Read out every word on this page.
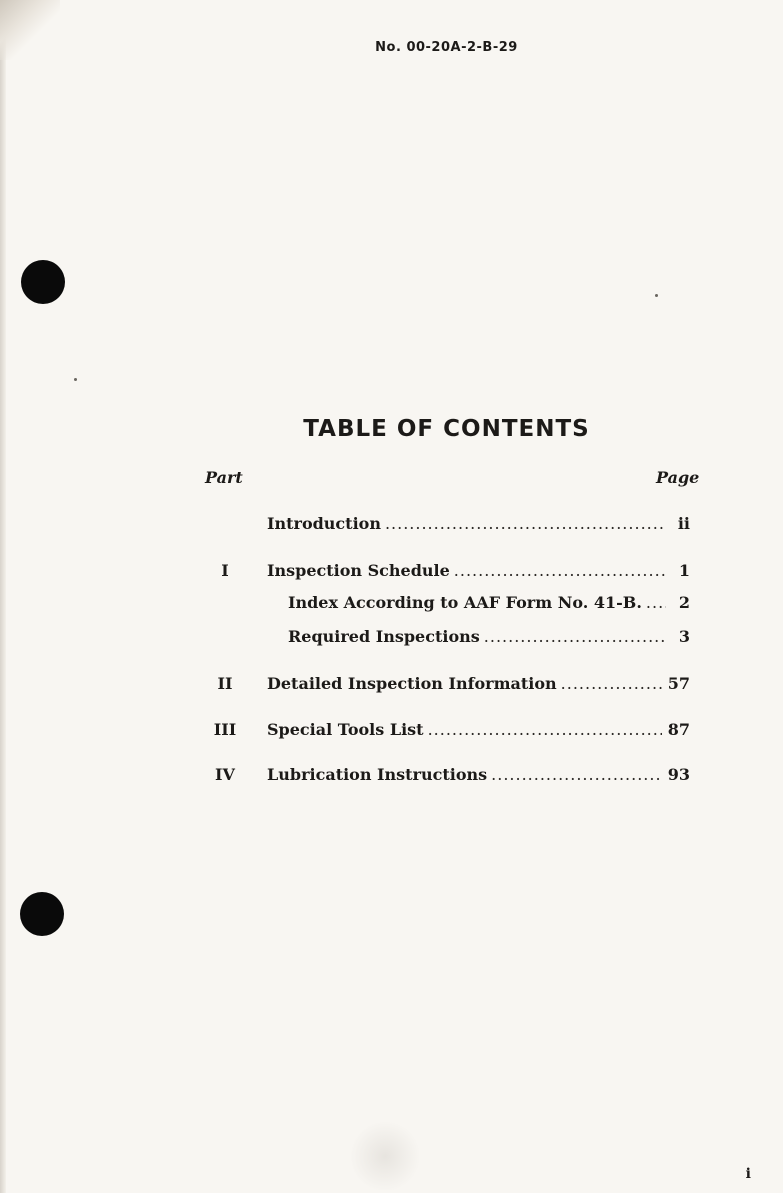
No. 00-20A-2-B-29
TABLE OF CONTENTS
Part	Page
Introduction .....	ii
I	Inspection Schedule .....	1
Index According to AAF Form No. 41-B. .....	2
Required Inspections .....	3
II	Detailed Inspection Information .....	57
III	Special Tools List .....	87
IV	Lubrication Instructions .....	93
i
